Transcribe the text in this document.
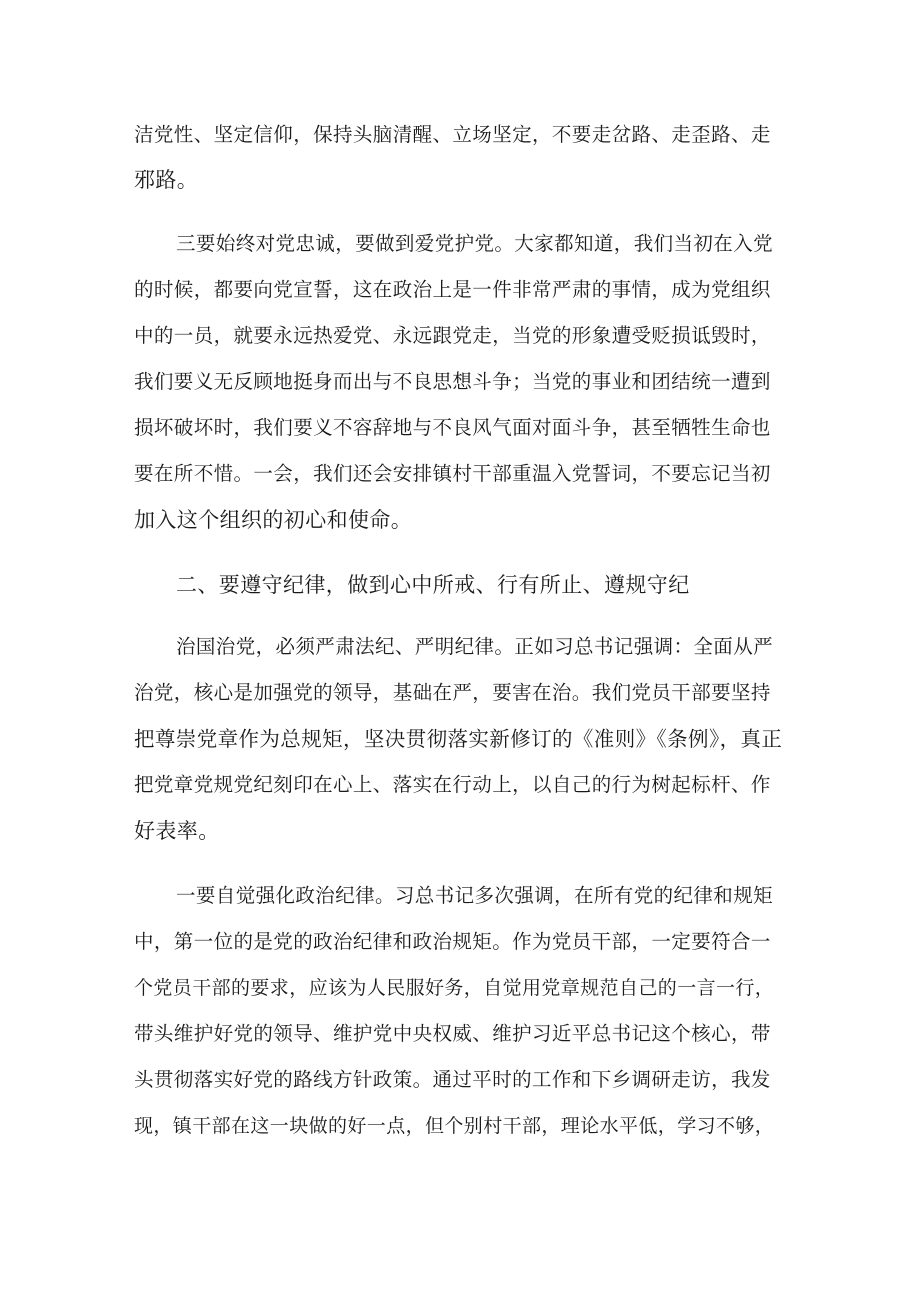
洁党性、坚定信仰，保持头脑清醒、立场坚定，不要走岔路、走歪路、走

邪路。

三要始终对党忠诚，要做到爱党护党。大家都知道，我们当初在入党

的时候，都要向党宣誓，这在政治上是一件非常严肃的事情，成为党组织

中的一员，就要永远热爱党、永远跟党走，当党的形象遭受贬损诋毁时，

我们要义无反顾地挺身而出与不良思想斗争；当党的事业和团结统一遭到

损坏破坏时，我们要义不容辞地与不良风气面对面斗争，甚至牺牲生命也

要在所不惜。一会，我们还会安排镇村干部重温入党誓词，不要忘记当初

加入这个组织的初心和使命。

二、要遵守纪律，做到心中所戒、行有所止、遵规守纪

治国治党，必须严肃法纪、严明纪律。正如习总书记强调：全面从严

治党，核心是加强党的领导，基础在严，要害在治。我们党员干部要坚持

把尊崇党章作为总规矩，坚决贯彻落实新修订的《准则》《条例》，真正

把党章党规党纪刻印在心上、落实在行动上，以自己的行为树起标杆、作

好表率。

一要自觉强化政治纪律。习总书记多次强调，在所有党的纪律和规矩

中，第一位的是党的政治纪律和政治规矩。作为党员干部，一定要符合一

个党员干部的要求，应该为人民服好务，自觉用党章规范自己的一言一行，

带头维护好党的领导、维护党中央权威、维护习近平总书记这个核心，带

头贯彻落实好党的路线方针政策。通过平时的工作和下乡调研走访，我发

现，镇干部在这一块做的好一点，但个别村干部，理论水平低，学习不够，
